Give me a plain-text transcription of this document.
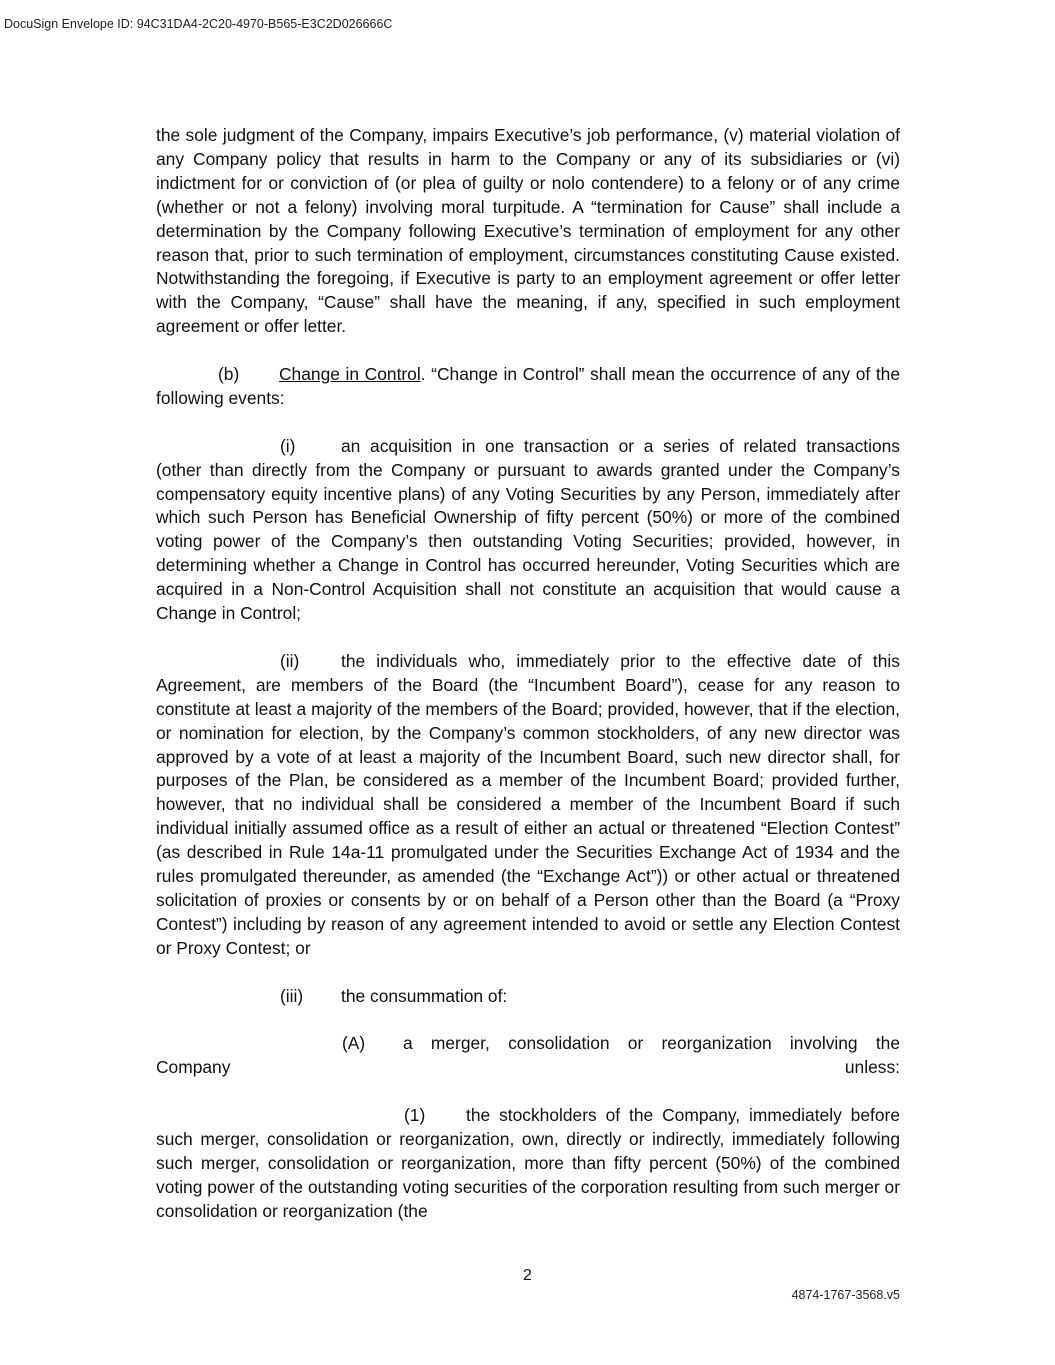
DocuSign Envelope ID: 94C31DA4-2C20-4970-B565-E3C2D026666C

the sole judgment of the Company, impairs Executive’s job performance, (v) material violation of any Company policy that results in harm to the Company or any of its subsidiaries or (vi) indictment for or conviction of (or plea of guilty or nolo contendere) to a felony or of any crime (whether or not a felony) involving moral turpitude. A “termination for Cause” shall include a determination by the Company following Executive’s termination of employment for any other reason that, prior to such termination of employment, circumstances constituting Cause existed. Notwithstanding the foregoing, if Executive is party to an employment agreement or offer letter with the Company, “Cause” shall have the meaning, if any, specified in such employment agreement or offer letter.

(b) Change in Control. “Change in Control” shall mean the occurrence of any of the following events:

(i)	an acquisition in one transaction or a series of related transactions (other than directly from the Company or pursuant to awards granted under the Company’s compensatory equity incentive plans) of any Voting Securities by any Person, immediately after which such Person has Beneficial Ownership of fifty percent (50%) or more of the combined voting power of the Company’s then outstanding Voting Securities; provided, however, in determining whether a Change in Control has occurred hereunder, Voting Securities which are acquired in a Non-Control Acquisition shall not constitute an acquisition that would cause a Change in Control;

(ii) the individuals who, immediately prior to the effective date of this Agreement, are members of the Board (the “Incumbent Board”), cease for any reason to constitute at least a majority of the members of the Board; provided, however, that if the election, or nomination for election, by the Company’s common stockholders, of any new director was approved by a vote of at least a majority of the Incumbent Board, such new director shall, for purposes of the Plan, be considered as a member of the Incumbent Board; provided further, however, that no individual shall be considered a member of the Incumbent Board if such individual initially assumed office as a result of either an actual or threatened “Election Contest” (as described in Rule 14a-11 promulgated under the Securities Exchange Act of 1934 and the rules promulgated thereunder, as amended (the “Exchange Act”)) or other actual or threatened solicitation of proxies or consents by or on behalf of a Person other than the Board (a “Proxy Contest”) including by reason of any agreement intended to avoid or settle any Election Contest or Proxy Contest; or

(iii) the consummation of:

(A) a merger, consolidation or reorganization involving the
Company unless:

(1) the stockholders of the Company, immediately before such merger, consolidation or reorganization, own, directly or indirectly, immediately following such merger, consolidation or reorganization, more than fifty percent (50%) of the combined voting power of the outstanding voting securities of the corporation resulting from such merger or consolidation or reorganization (the

2
4874-1767-3568.v5
